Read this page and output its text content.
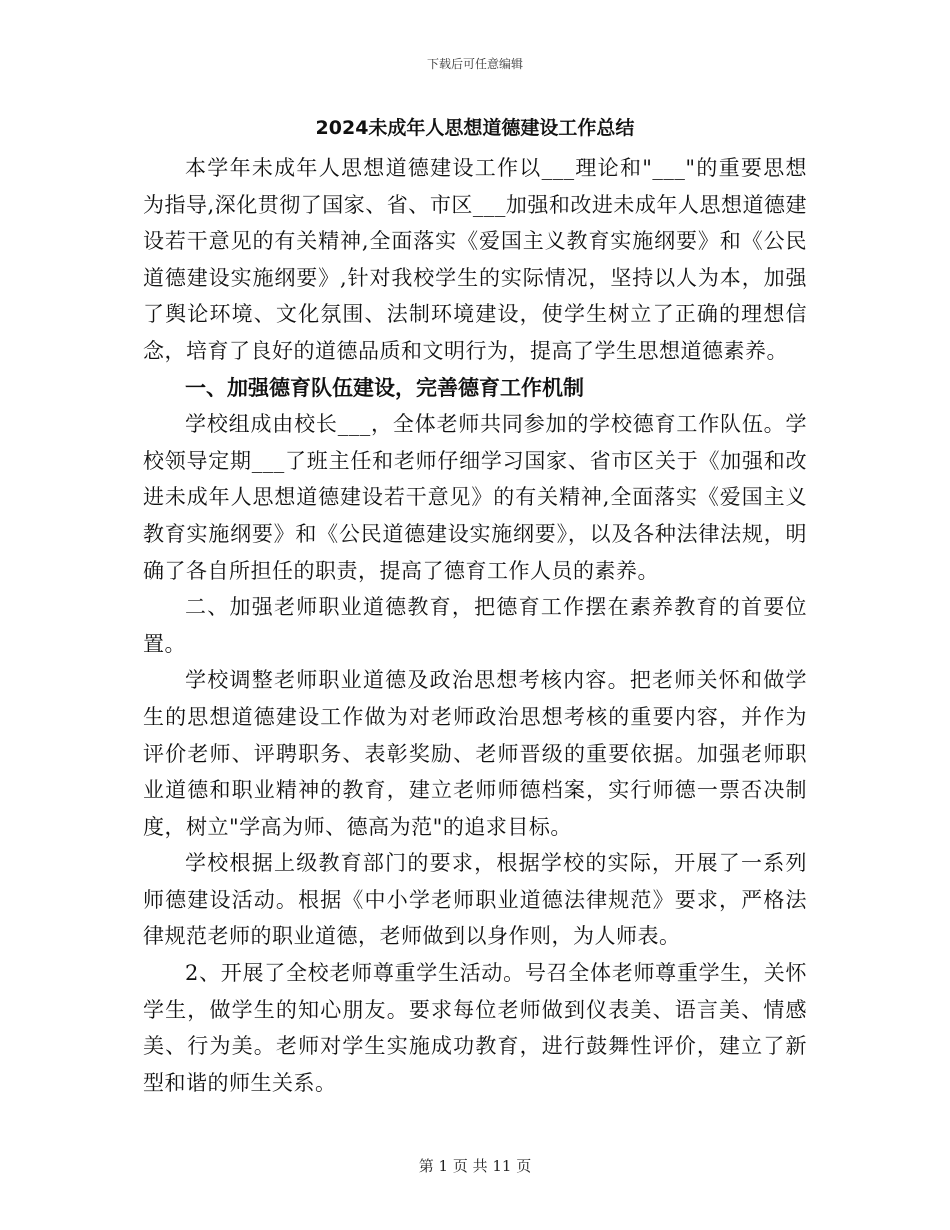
下载后可任意编辑
2024未成年人思想道德建设工作总结

本学年未成年人思想道德建设工作以___理论和"___"的重要思想为指导,深化贯彻了国家、省、市区___加强和改进未成年人思想道德建设若干意见的有关精神,全面落实《爱国主义教育实施纲要》和《公民道德建设实施纲要》,针对我校学生的实际情况，坚持以人为本，加强了舆论环境、文化氛围、法制环境建设，使学生树立了正确的理想信念，培育了良好的道德品质和文明行为，提高了学生思想道德素养。

一、加强德育队伍建设，完善德育工作机制

学校组成由校长___，全体老师共同参加的学校德育工作队伍。学校领导定期___了班主任和老师仔细学习国家、省市区关于《加强和改进未成年人思想道德建设若干意见》的有关精神,全面落实《爱国主义教育实施纲要》和《公民道德建设实施纲要》，以及各种法律法规，明确了各自所担任的职责，提高了德育工作人员的素养。

二、加强老师职业道德教育，把德育工作摆在素养教育的首要位置。

学校调整老师职业道德及政治思想考核内容。把老师关怀和做学生的思想道德建设工作做为对老师政治思想考核的重要内容，并作为评价老师、评聘职务、表彰奖励、老师晋级的重要依据。加强老师职业道德和职业精神的教育，建立老师师德档案，实行师德一票否决制度，树立"学高为师、德高为范"的追求目标。

学校根据上级教育部门的要求，根据学校的实际，开展了一系列师德建设活动。根据《中小学老师职业道德法律规范》要求，严格法律规范老师的职业道德，老师做到以身作则，为人师表。

2、开展了全校老师尊重学生活动。号召全体老师尊重学生，关怀学生，做学生的知心朋友。要求每位老师做到仪表美、语言美、情感美、行为美。老师对学生实施成功教育，进行鼓舞性评价，建立了新型和谐的师生关系。

第 1 页 共 11 页
